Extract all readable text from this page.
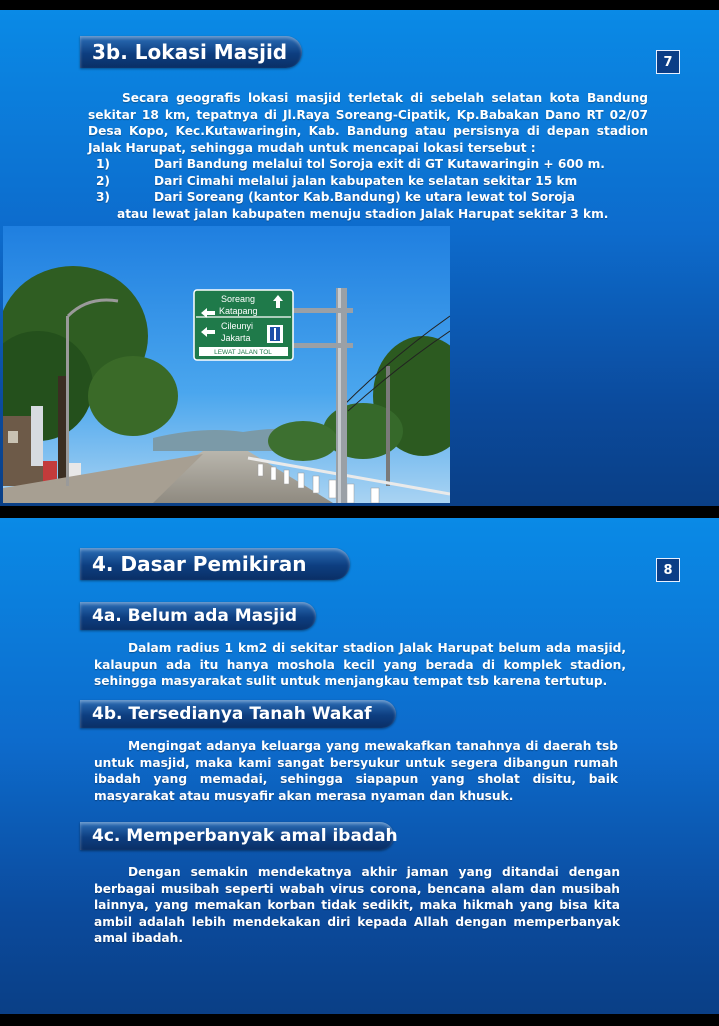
3b. Lokasi Masjid	7

Secara geografis lokasi masjid terletak di sebelah selatan kota Bandung sekitar 18 km, tepatnya di Jl.Raya Soreang-Cipatik, Kp.Babakan Dano RT 02/07 Desa Kopo, Kec.Kutawaringin, Kab. Bandung atau persisnya di depan stadion Jalak Harupat, sehingga mudah untuk mencapai lokasi tersebut :

1)	Dari Bandung melalui tol Soroja exit di GT Kutawaringin + 600 m.
2)	Dari Cimahi melalui jalan kabupaten ke selatan sekitar 15 km
3)	Dari Soreang (kantor Kab.Bandung) ke utara lewat tol Soroja
atau lewat jalan kabupaten menuju stadion Jalak Harupat sekitar 3 km.
Soreang
Katapang
Cileunyi
Jakarta
LEWAT JALAN TOL
4. Dasar Pemikiran	8
4a. Belum ada Masjid

Dalam radius 1 km2 di sekitar stadion Jalak Harupat belum ada masjid, kalaupun ada itu hanya mosholа kecil yang berada di komplek stadion, sehingga masyarakat sulit untuk menjangkau tempat tsb karena tertutup.

4b. Tersedianya Tanah Wakaf

Mengingat adanya keluarga yang mewakafkan tanahnya di daerah tsb untuk masjid, maka kami sangat bersyukur untuk segera dibangun rumah ibadah yang memadai, sehingga siapapun yang sholat disitu, baik masyarakat atau musyafir akan merasa nyaman dan khusuk.

4c. Memperbanyak amal ibadah

Dengan semakin mendekatnya akhir jaman yang ditandai dengan berbagai musibah seperti wabah virus corona, bencana alam dan musibah lainnya, yang memakan korban tidak sedikit, maka hikmah yang bisa kita ambil adalah lebih mendekakan diri kepada Allah dengan memperbanyak amal ibadah.
